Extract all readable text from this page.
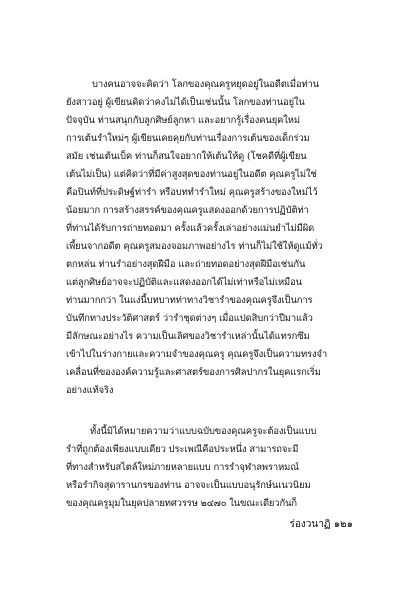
บางคนอาจจะคิดว่า โลกของคุณครูหยุดอยู่ในอดีตเมื่อท่าน

ยังสาวอยู่ ผู้เขียนคิดว่าคงไม่ได้เป็นเช่นนั้น โลกของท่านอยู่ใน

ปัจจุบัน ท่านสนุกกับลูกศิษย์ลูกหา และอยากรู้เรื่องคนยุคใหม่

การเต้นรำใหม่ๆ ผู้เขียนเคยคุยกับท่านเรื่องการเต้นของเด็กร่วม

สมัย เช่นเต้นเบ็ค ท่านก็สนใจอยากให้เต้นให้ดู (โชคดีที่ผู้เขียน

เต้นไม่เป็น) แต่คิดว่าที่มีค่าสูงสุดของท่านอยู่ในอดีต คุณครูไม่ใช่

คือปินท์ที่ประดิษฐ์ท่ารำ หรือบททำรำใหม่ คุณครูสร้างของใหม่ไว้

น้อยมาก การสร้างสรรค์ของคุณครูแสดงออกด้วยการปฏิบัติท่า

ที่ท่านได้รับการถ่ายทอดมา ครั้งแล้วครั้งเล่าอย่างแม่นยำไม่มีผิด

เพี้ยนจากอดีต คุณครูสมองจอมภาพอย่างไร ท่านก็ไม่ใช้ให้ดูแม้ทั่ว

ตกหล่น ท่านรำอย่างสุดฝีมือ และถ่ายทอดอย่างสุดฝีมือเช่นกัน

แต่ลูกศิษย์อาจจะปฏิบัติและแสดงออกได้ไม่เท่าหรือไม่เหมือน

ท่านมากกว่า ในแง่นี้บทบาทท่าทางวิชารำของคุณครูจึงเป็นการ

บันทึกทางประวัติศาสตร์ ว่ารำชุดต่างๆ เมื่อแปดสิบกว่าปีมาแล้ว

มีลักษณะอย่างไร ความเป็นเลิศของวิชารำเหล่านั้นได้แทรกซึม

เข้าไปในร่างกายและความจำของคุณครู คุณครูจึงเป็นความทรงจำ

เคลื่อนที่ขององค์ความรู้และศาสตร์ของการศิลปากรในยุคแรกเริ่ม

อย่างแท้จริง

ทั้งนี้มิได้หมายความว่าแบบฉบับของคุณครูจะต้องเป็นแบบ

รำที่ถูกต้องเพียงแบบเดียว ประเพณีคือประหนึ่ง สามารถจะมี

ที่ทางสำหรับสไตล์ใหม่ภายหลายแบบ การรำจุฬาลพราหมณ์

หรือรำกิจสุดารานกรของท่าน อาจจะเป็นแบบอนุรักษ์นเนวนิยม

ของคุณครูมุมในยุคปลายทศวรรษ ๒๔๗๐ ในขณะเดียวกันก็

ร่องวนาฏิ ๑๒๑
